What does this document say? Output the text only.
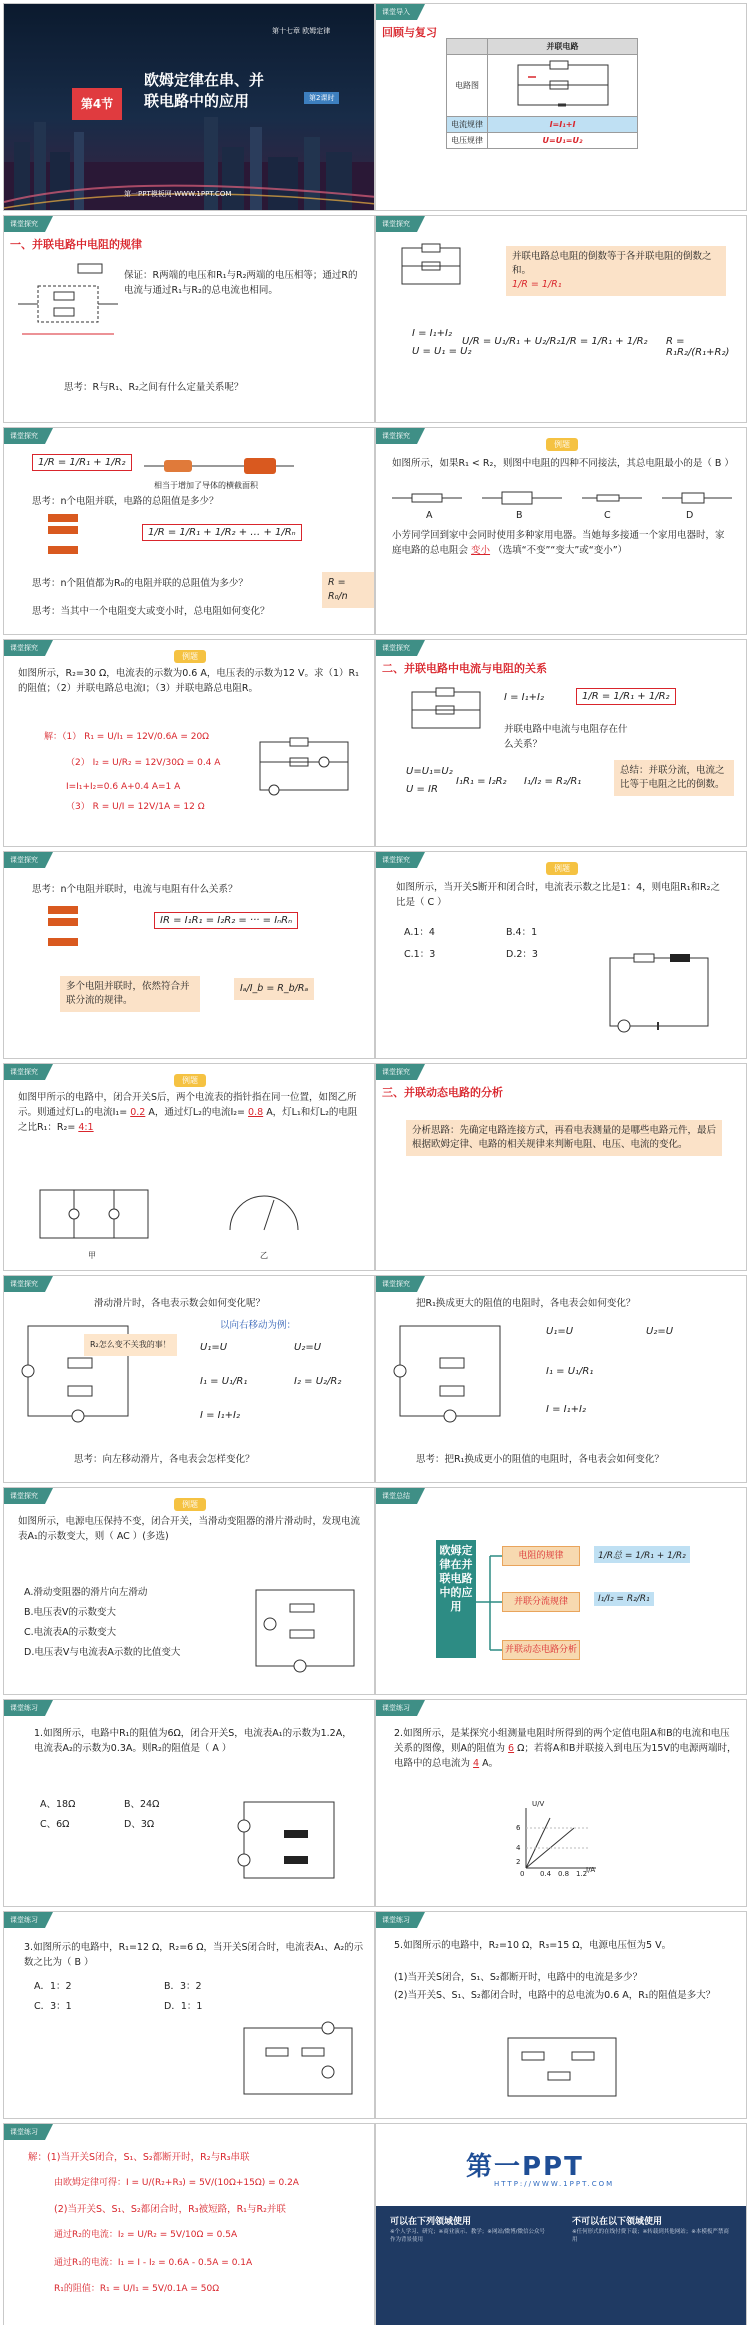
第十七章 欧姆定律
第4节
欧姆定律在串、并
联电路中的应用	第2课时
第一PPT模板网-WWW.1PPT.COM
课堂导入
回顾与复习
	并联电路
电路图	

电流规律	I=I₁+I
电压规律	U=U₁=U₂
课堂探究
一、并联电路中电阻的规律
保证：R两端的电压和R₁与R₂两端的电压相等；通过R的电流与通过R₁与R₂的总电流也相同。
思考：R与R₁、R₂之间有什么定量关系呢？
课堂探究
并联电路总电阻的倒数等于各并联电阻的倒数之和。
1/R = 1/R₁
I = I₁+I₂
U = U₁ = U₂
U/R = U₁/R₁ + U₂/R₂ 1/R = 1/R₁ + 1/R₂ R = R₁R₂/(R₁+R₂)
课堂探究
1/R = 1/R₁ + 1/R₂
相当于增加了导体的横截面积
思考：n个电阻并联，电路的总阻值是多少？
1/R = 1/R₁ + 1/R₂ + … + 1/Rₙ
思考：n个阻值都为R₀的电阻并联的总阻值为多少？	R = R₀/n
思考：当其中一个电阻变大或变小时，总电阻如何变化？
课堂探究
例题
如图所示，如果R₁ < R₂，则图中电阻的四种不同接法，其总电阻最小的是（ B ）
A	B	C	D
小芳同学回到家中会同时使用多种家用电器。当她每多接通一个家用电器时，家庭电路的总电阻会 变小 （选填“不变”“变大”或“变小”）
课堂探究
例题
如图所示，R₂=30 Ω，电流表的示数为0.6 A，电压表的示数为12 V。求（1）R₁的阻值；（2）并联电路总电流I；（3）并联电路总电阻R。
解：（1） R₁ = U/I₁ = 12V/0.6A = 20Ω
（2） I₂ = U/R₂ = 12V/30Ω = 0.4 A
I=I₁+I₂=0.6 A+0.4 A=1 A
（3） R = U/I = 12V/1A = 12 Ω
课堂探究
二、并联电路中电流与电阻的关系
I = I₁+I₂	1/R = 1/R₁ + 1/R₂
并联电路中电流与电阻存在什么关系？
U=U₁=U₂
U = IR
I₁R₁ = I₂R₂ I₁/I₂ = R₂/R₁
总结：并联分流，电流之比等于电阻之比的倒数。
课堂探究
思考：n个电阻并联时，电流与电阻有什么关系？
IR = I₁R₁ = I₂R₂ = ··· = IₙRₙ
多个电阻并联时，依然符合并联分流的规律。
Iₐ/I_b = R_b/Rₐ
课堂探究
例题
如图所示，当开关S断开和闭合时，电流表示数之比是1：4，则电阻R₁和R₂之比是（ C ）
A.1：4	B.4：1
C.1：3	D.2：3
课堂探究
例题
如图甲所示的电路中，闭合开关S后，两个电流表的指针指在同一位置，如图乙所示。则通过灯L₁的电流I₁= 0.2 A，通过灯L₂的电流I₂= 0.8 A，灯L₁和灯L₂的电阻之比R₁：R₂= 4:1
甲	乙
课堂探究
三、并联动态电路的分析
分析思路：先确定电路连接方式，再看电表测量的是哪些电路元件，最后根据欧姆定律、电路的相关规律来判断电阻、电压、电流的变化。
课堂探究
滑动滑片时，各电表示数会如何变化呢？
以向右移动为例：
R₂怎么变不关我的事！	U₁=U	U₂=U
I₁ = U₁/R₁	I₂ = U₂/R₂
I = I₁+I₂
思考：向左移动滑片，各电表会怎样变化？
课堂探究
把R₁换成更大的阻值的电阻时，各电表会如何变化？
U₁=U	U₂=U
I₁ = U₁/R₁
I = I₁+I₂
思考：把R₁换成更小的阻值的电阻时，各电表会如何变化？
课堂探究
例题
如图所示，电源电压保持不变，闭合开关，当滑动变阻器的滑片滑动时，发现电流表A₁的示数变大，则（ AC ）(多选)
A.滑动变阻器的滑片向左滑动
B.电压表V的示数变大
C.电流表A的示数变大
D.电压表V与电流表A示数的比值变大
课堂总结
欧姆定律在并联电路中的应用
电阻的规律
并联分流规律
并联动态电路分析
1/R总 = 1/R₁ + 1/R₂
I₁/I₂ = R₂/R₁
课堂练习
1.如图所示，电路中R₁的阻值为6Ω，闭合开关S，电流表A₁的示数为1.2A，电流表A₂的示数为0.3A。则R₂的阻值是（ A ）
A、18Ω	B、24Ω
C、6Ω	D、3Ω
课堂练习
2.如图所示，是某探究小组测量电阻时所得到的两个定值电阻A和B的电流和电压关系的图像，则A的阻值为 6 Ω；若将A和B并联接入到电压为15V的电源两端时，电路中的总电流为 4 A。
U/V
I/A
0 0.4 0.8 1.2
6
4
2
课堂练习
3.如图所示的电路中，R₁=12 Ω，R₂=6 Ω，当开关S闭合时，电流表A₁、A₂的示数之比为（ B ）
A．1：2	B．3：2
C．3：1	D．1：1
课堂练习
5.如图所示的电路中，R₂=10 Ω，R₃=15 Ω，电源电压恒为5 V。
(1)当开关S闭合，S₁、S₂都断开时，电路中的电流是多少？
(2)当开关S、S₁、S₂都闭合时，电路中的总电流为0.6 A，R₁的阻值是多大？
课堂练习
解：(1)当开关S闭合，S₁、S₂都断开时，R₂与R₃串联
由欧姆定律可得：I = U/(R₂+R₃) = 5V/(10Ω+15Ω) = 0.2A
(2)当开关S、S₁、S₂都闭合时，R₃被短路，R₁与R₂并联
通过R₂的电流：I₂ = U/R₂ = 5V/10Ω = 0.5A
通过R₁的电流：I₁ = I - I₂ = 0.6A - 0.5A = 0.1A
R₁的阻值：R₁ = U/I₁ = 5V/0.1A = 50Ω
第一PPT
HTTP://WWW.1PPT.COM
可以在下列领域使用	不可以在以下领域使用
※个人学习、研究；※商业演示、教学；※网站/微博/微信公众号作为背景使用
※任何形式的在线付费下载；※转载到其他网站；※本模板严禁商用
